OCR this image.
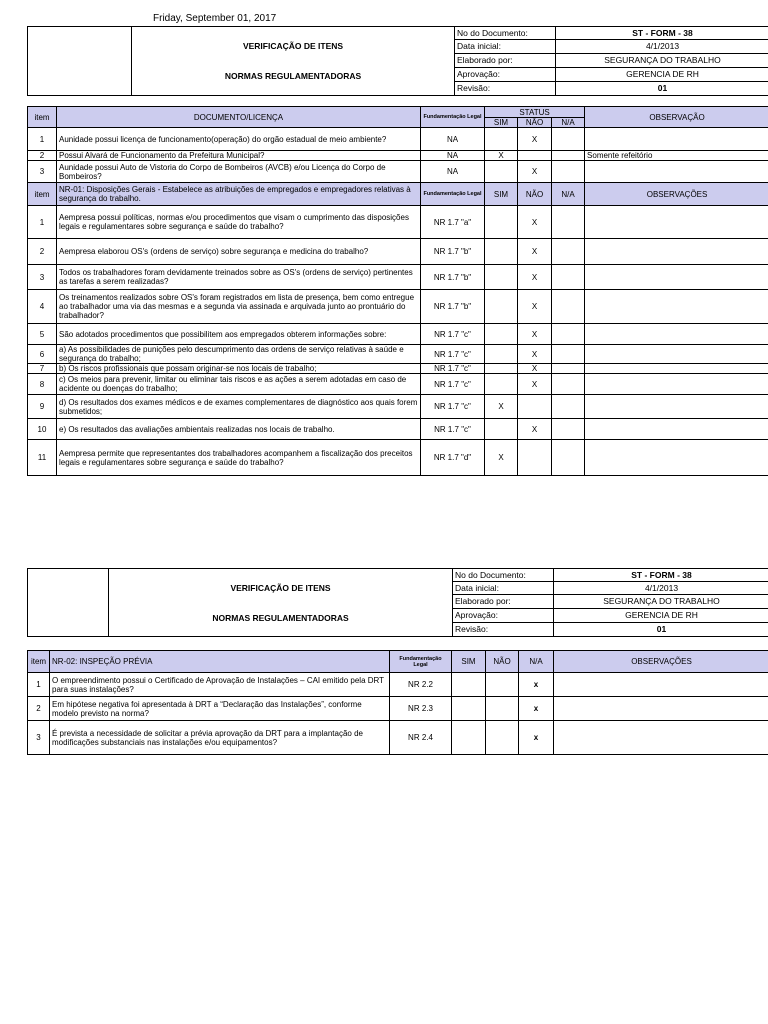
Friday, September 01, 2017

	VERIFICAÇÃO DE ITENS
NORMAS REGULAMENTADORAS	No do Documento:	ST - FORM - 38
		Data inicial:	4/1/2013
		Elaborado por:	SEGURANÇA DO TRABALHO
		Aprovação:	GERENCIA DE RH
		Revisão:	01
item	DOCUMENTO/LICENÇA	Fundamentação Legal	STATUS			OBSERVAÇÃO
			SIM	NÃO	N/A	
1	Aunidade possui licença de funcionamento(operação) do orgão estadual de meio ambiente?	NA		X		
2	Possui Alvará de Funcionamento da Prefeitura Municipal?	NA	X			Somente refeitório
3	Aunidade possui Auto de Vistoria do Corpo de Bombeiros (AVCB) e/ou Licença do Corpo de Bombeiros?	NA		X		
item	NR-01: Disposições Gerais - Estabelece as atribuições de empregados e empregadores relativas à segurança do trabalho.	Fundamentação Legal	SIM	NÃO	N/A	OBSERVAÇÕES
1	Aempresa possui políticas, normas e/ou procedimentos que visam o cumprimento das disposições legais e regulamentares sobre segurança e saúde do trabalho?	NR 1.7 "a"		X		
2	Aempresa elaborou OS's (ordens de serviço) sobre segurança e medicina do trabalho?	NR 1.7 "b"		X		
3	Todos os trabalhadores foram devidamente treinados sobre as OS's (ordens de serviço) pertinentes as tarefas a serem realizadas?	NR 1.7 "b"		X		
4	Os treinamentos realizados sobre OS's foram registrados em lista de presença, bem como entregue ao trabalhador uma via das mesmas e a segunda via assinada e arquivada junto ao prontuário do trabalhador?	NR 1.7 "b"		X		
5	São adotados procedimentos que possibilitem aos empregados obterem informações sobre:	NR 1.7 "c"		X		
6	a) As possibilidades de punições pelo descumprimento das ordens de serviço relativas à saúde e segurança do trabalho;	NR 1.7 "c"		X		
7	b) Os riscos profissionais que possam originar-se nos locais de trabalho;	NR 1.7 "c"		X		
8	c) Os meios para prevenir, limitar ou eliminar tais riscos e as ações a serem adotadas em caso de acidente ou doenças do trabalho;	NR 1.7 "c"		X		
9	d) Os resultados dos exames médicos e de exames complementares de diagnóstico aos quais forem submetidos;	NR 1.7 "c"	X			
10	e) Os resultados das avaliações ambientais realizadas nos locais de trabalho.	NR 1.7 "c"		X		
11	Aempresa permite que representantes dos trabalhadores acompanhem a fiscalização dos preceitos legais e regulamentares sobre segurança e saúde do trabalho?	NR 1.7 "d"	X			

	VERIFICAÇÃO DE ITENS
NORMAS REGULAMENTADORAS	No do Documento:	ST - FORM - 38
		Data inicial:	4/1/2013
		Elaborado por:	SEGURANÇA DO TRABALHO
		Aprovação:	GERENCIA DE RH
		Revisão:	01
item	NR-02: INSPEÇÃO PRÉVIA	Fundamentação Legal	SIM	NÃO	N/A	OBSERVAÇÕES
1	O empreendimento possui o Certificado de Aprovação de Instalações – CAI emitido pela DRT para suas instalações?	NR 2.2			x	
2	Em hipótese negativa foi apresentada à DRT a “Declaração das Instalações”, conforme modelo previsto na norma?	NR 2.3			x	
3	É prevista a necessidade de solicitar a prévia aprovação da DRT para a implantação de modificações substanciais nas instalações e/ou equipamentos?	NR 2.4			x	
